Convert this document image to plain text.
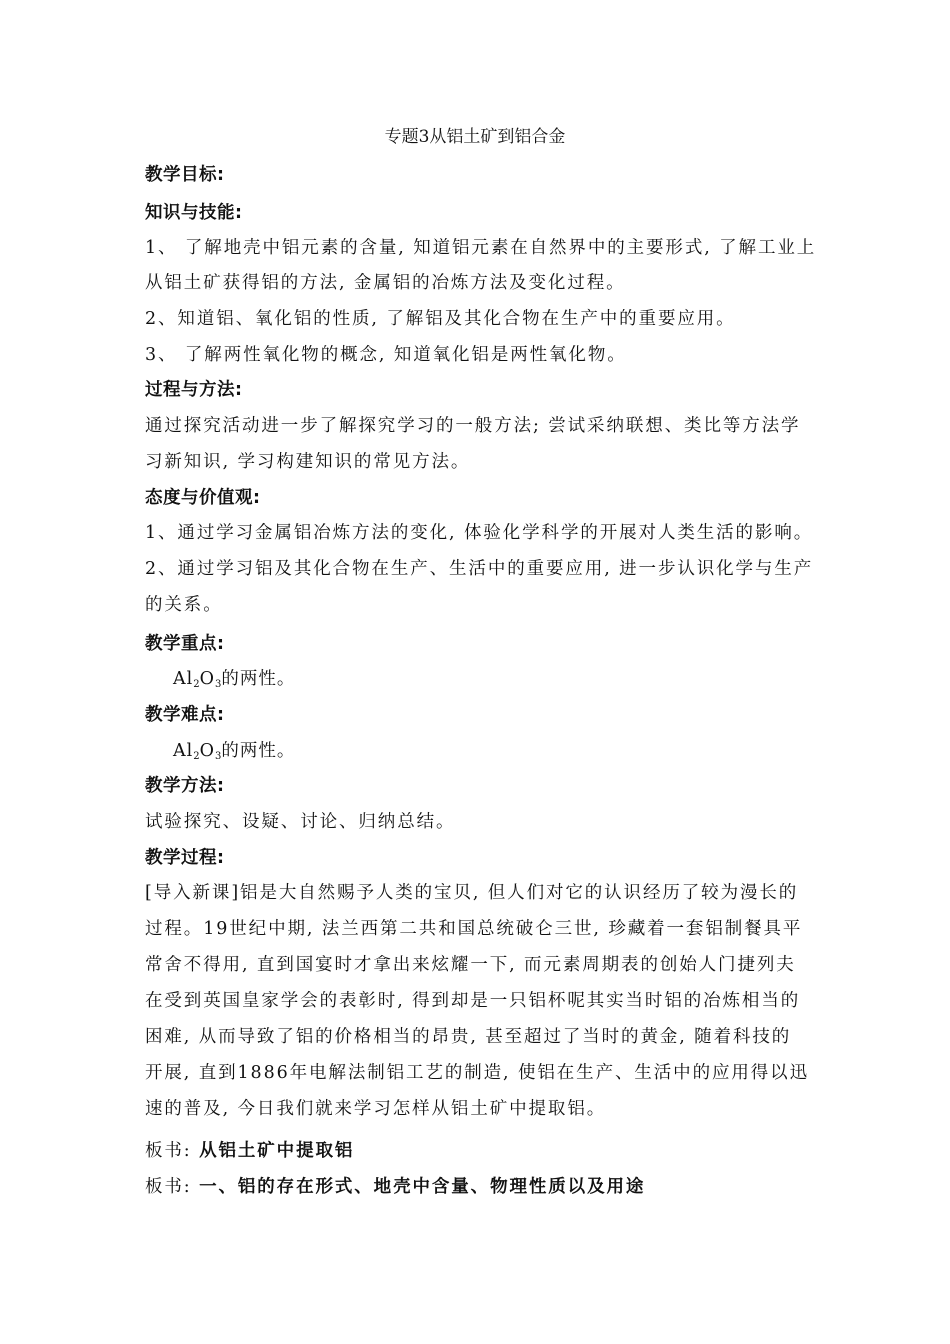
专题3从铝土矿到铝合金
教学目标:
知识与技能:
1、 了解地壳中铝元素的含量, 知道铝元素在自然界中的主要形式, 了解工业上
从铝土矿获得铝的方法, 金属铝的冶炼方法及变化过程。
2、知道铝、氧化铝的性质, 了解铝及其化合物在生产中的重要应用。
3、 了解两性氧化物的概念, 知道氧化铝是两性氧化物。
过程与方法:
通过探究活动进一步了解探究学习的一般方法; 尝试采纳联想、类比等方法学
习新知识, 学习构建知识的常见方法。
态度与价值观:
1、通过学习金属铝冶炼方法的变化, 体验化学科学的开展对人类生活的影响。
2、通过学习铝及其化合物在生产、生活中的重要应用, 进一步认识化学与生产
的关系。
教学重点:
$Al_2O_3$的两性。
教学难点:
$Al_2O_3$的两性。
教学方法:
试验探究、设疑、讨论、归纳总结。
教学过程:
[导入新课]铝是大自然赐予人类的宝贝, 但人们对它的认识经历了较为漫长的
过程。19世纪中期, 法兰西第二共和国总统破仑三世, 珍藏着一套铝制餐具平
常舍不得用, 直到国宴时才拿出来炫耀一下, 而元素周期表的创始人门捷列夫
在受到英国皇家学会的表彰时, 得到却是一只铝杯呢其实当时铝的冶炼相当的
困难, 从而导致了铝的价格相当的昂贵, 甚至超过了当时的黄金, 随着科技的
开展, 直到1886年电解法制铝工艺的制造, 使铝在生产、生活中的应用得以迅
速的普及, 今日我们就来学习怎样从铝土矿中提取铝。
板书: 从铝土矿中提取铝
板书: 一、铝的存在形式、地壳中含量、物理性质以及用途
